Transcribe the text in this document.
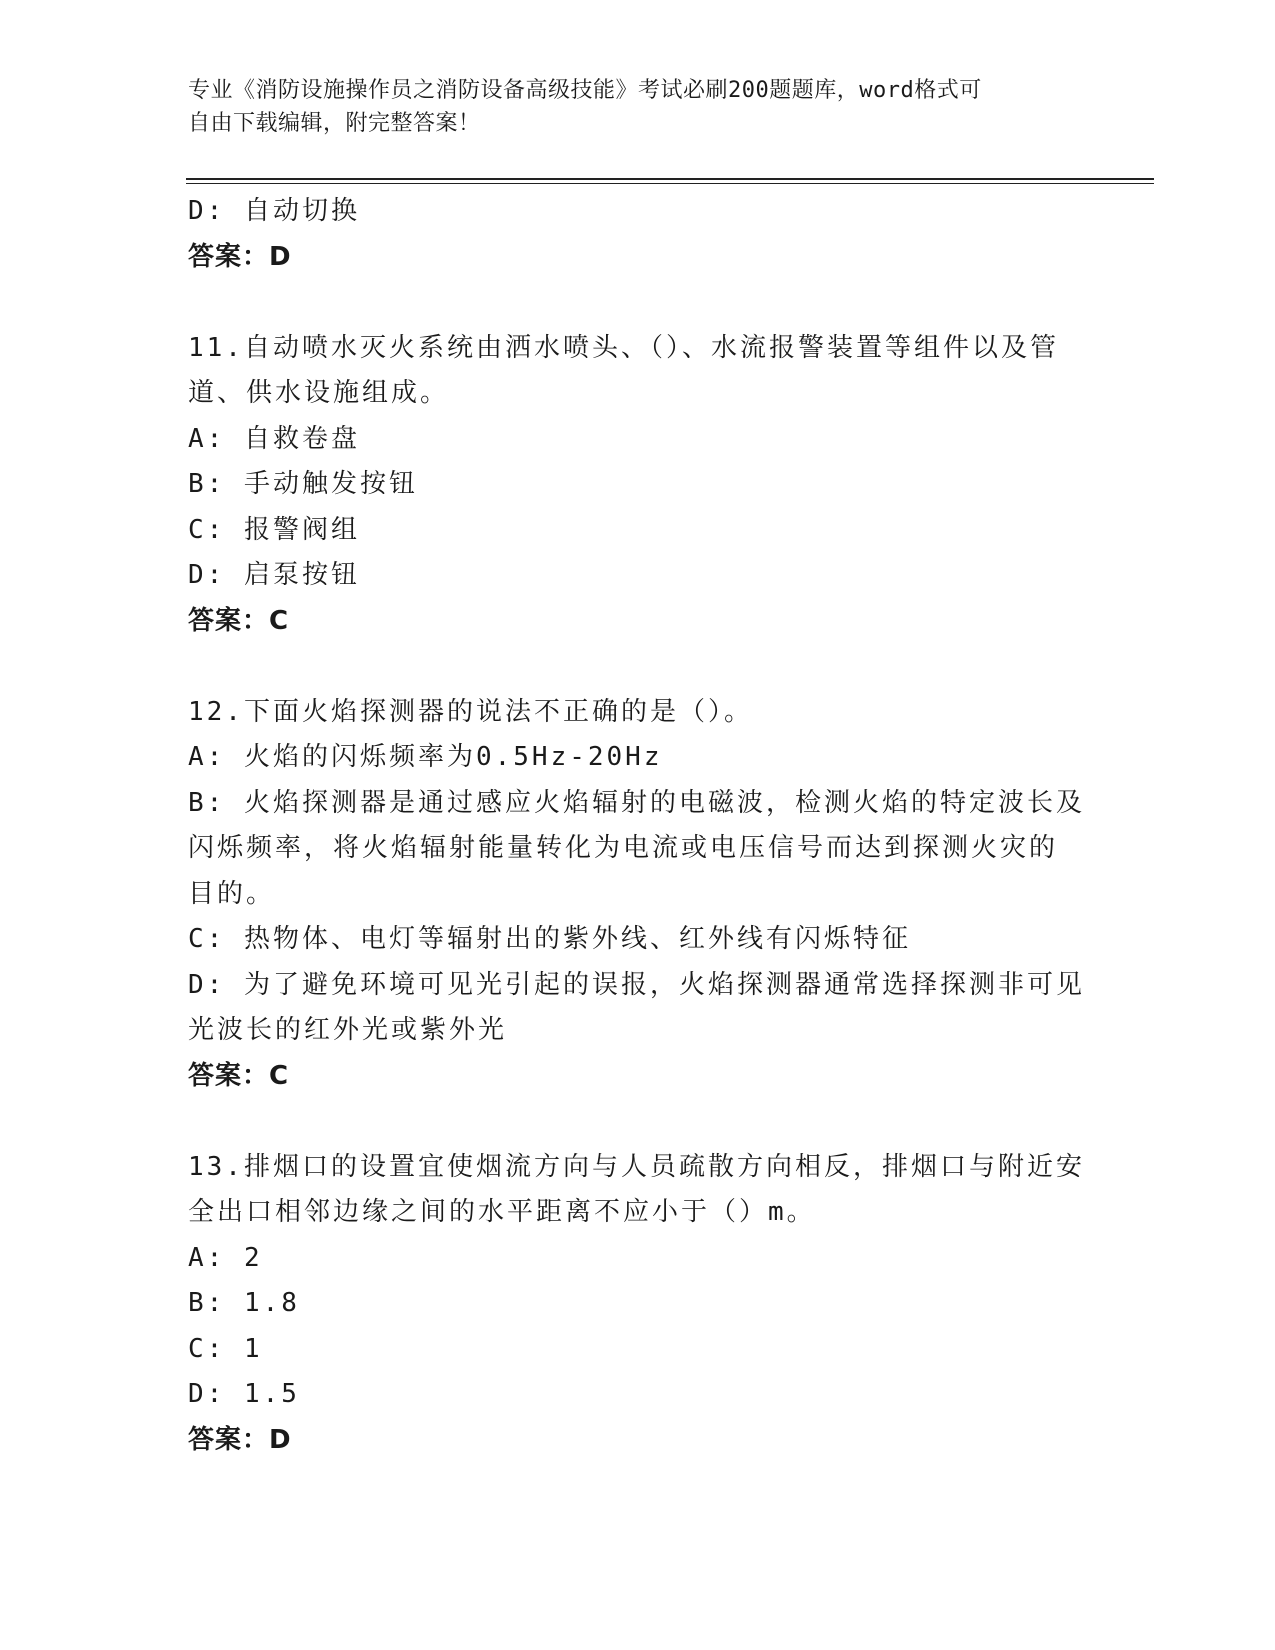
专业《消防设施操作员之消防设备高级技能》考试必刷200题题库，word格式可
自由下载编辑，附完整答案！
D: 自动切换
答案：D
11.自动喷水灭火系统由洒水喷头、（）、水流报警装置等组件以及管
道、供水设施组成。
A: 自救卷盘
B: 手动触发按钮
C: 报警阀组
D: 启泵按钮
答案：C
12.下面火焰探测器的说法不正确的是（）。
A: 火焰的闪烁频率为0.5Hz-20Hz
B: 火焰探测器是通过感应火焰辐射的电磁波，检测火焰的特定波长及
闪烁频率，将火焰辐射能量转化为电流或电压信号而达到探测火灾的
目的。
C: 热物体、电灯等辐射出的紫外线、红外线有闪烁特征
D: 为了避免环境可见光引起的误报，火焰探测器通常选择探测非可见
光波长的红外光或紫外光
答案：C
13.排烟口的设置宜使烟流方向与人员疏散方向相反，排烟口与附近安
全出口相邻边缘之间的水平距离不应小于（）m。
A: 2
B: 1.8
C: 1
D: 1.5
答案：D
